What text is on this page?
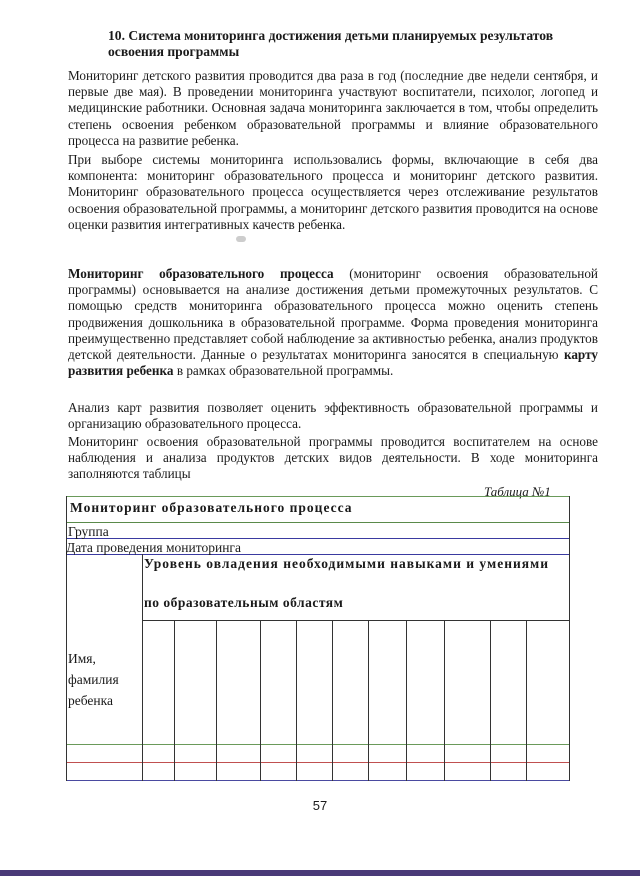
10. Система мониторинга достижения детьми планируемых результатов освоения программы
Мониторинг детского развития проводится два раза в год (последние две недели сентября, и первые две мая). В проведении мониторинга участвуют воспитатели, психолог, логопед и медицинские работники. Основная задача мониторинга заключается в том, чтобы определить степень освоения ребенком образовательной программы и влияние образовательного процесса на развитие ребенка.
При выборе системы мониторинга использовались формы, включающие в себя два компонента: мониторинг образовательного процесса и мониторинг детского развития. Мониторинг образовательного процесса осуществляется через отслеживание результатов освоения образовательной программы, а мониторинг детского развития проводится на основе оценки развития интегративных качеств ребенка.
Мониторинг образовательного процесса (мониторинг освоения образовательной программы) основывается на анализе достижения детьми промежуточных результатов. С помощью средств мониторинга образовательного процесса можно оценить степень продвижения дошкольника в образовательной программе. Форма проведения мониторинга преимущественно представляет собой наблюдение за активностью ребенка, анализ продуктов детской деятельности. Данные о результатах мониторинга заносятся в специальную карту развития ребенка в рамках образовательной программы.
Анализ карт развития позволяет оценить эффективность образовательной программы и организацию образовательного процесса.
Мониторинг освоения образовательной программы проводится воспитателем на основе наблюдения и анализа продуктов детских видов деятельности. В ходе мониторинга заполняются таблицы
Таблица №1
Мониторинг образовательного процесса
Группа
Дата проведения мониторинга
Уровень овладения необходимыми навыками и умениями
по образовательным областям
Имя, фамилия ребенка
57
